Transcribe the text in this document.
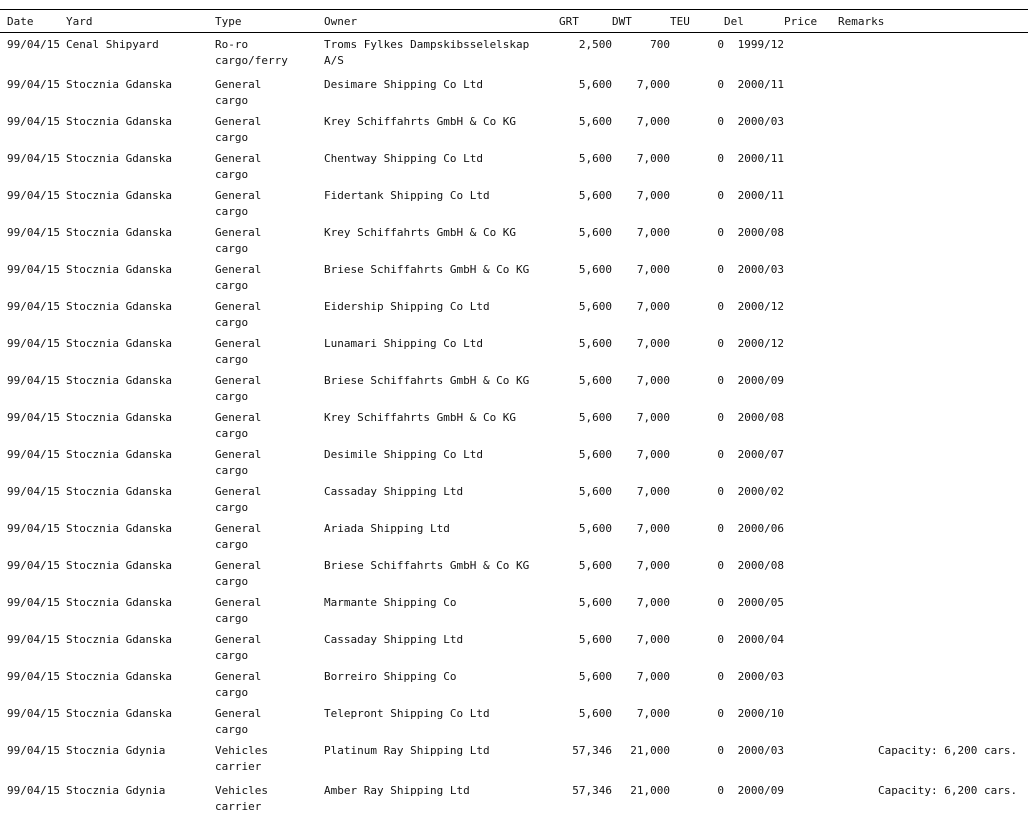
Date	Yard	Type	Owner	GRT	DWT	TEU	Del	Price	Remarks
99/04/15	Cenal Shipyard	Ro-ro cargo/ferry	Troms Fylkes Dampskibsselelskap A/S	2,500	700	0	1999/12		
99/04/15	Stocznia Gdanska	General cargo	Desimare Shipping Co Ltd	5,600	7,000	0	2000/11		
99/04/15	Stocznia Gdanska	General cargo	Krey Schiffahrts GmbH & Co KG	5,600	7,000	0	2000/03		
99/04/15	Stocznia Gdanska	General cargo	Chentway Shipping Co Ltd	5,600	7,000	0	2000/11		
99/04/15	Stocznia Gdanska	General cargo	Fidertank Shipping Co Ltd	5,600	7,000	0	2000/11		
99/04/15	Stocznia Gdanska	General cargo	Krey Schiffahrts GmbH & Co KG	5,600	7,000	0	2000/08		
99/04/15	Stocznia Gdanska	General cargo	Briese Schiffahrts GmbH & Co KG	5,600	7,000	0	2000/03		
99/04/15	Stocznia Gdanska	General cargo	Eidership Shipping Co Ltd	5,600	7,000	0	2000/12		
99/04/15	Stocznia Gdanska	General cargo	Lunamari Shipping Co Ltd	5,600	7,000	0	2000/12		
99/04/15	Stocznia Gdanska	General cargo	Briese Schiffahrts GmbH & Co KG	5,600	7,000	0	2000/09		
99/04/15	Stocznia Gdanska	General cargo	Krey Schiffahrts GmbH & Co KG	5,600	7,000	0	2000/08		
99/04/15	Stocznia Gdanska	General cargo	Desimile Shipping Co Ltd	5,600	7,000	0	2000/07		
99/04/15	Stocznia Gdanska	General cargo	Cassaday Shipping Ltd	5,600	7,000	0	2000/02		
99/04/15	Stocznia Gdanska	General cargo	Ariada Shipping Ltd	5,600	7,000	0	2000/06		
99/04/15	Stocznia Gdanska	General cargo	Briese Schiffahrts GmbH & Co KG	5,600	7,000	0	2000/08		
99/04/15	Stocznia Gdanska	General cargo	Marmante Shipping Co	5,600	7,000	0	2000/05		
99/04/15	Stocznia Gdanska	General cargo	Cassaday Shipping Ltd	5,600	7,000	0	2000/04		
99/04/15	Stocznia Gdanska	General cargo	Borreiro Shipping Co	5,600	7,000	0	2000/03		
99/04/15	Stocznia Gdanska	General cargo	Telepront Shipping Co Ltd	5,600	7,000	0	2000/10		
99/04/15	Stocznia Gdynia	Vehicles carrier	Platinum Ray Shipping Ltd	57,346	21,000	0	2000/03		Capacity: 6,200 cars.
99/04/15	Stocznia Gdynia	Vehicles carrier	Amber Ray Shipping Ltd	57,346	21,000	0	2000/09		Capacity: 6,200 cars.
